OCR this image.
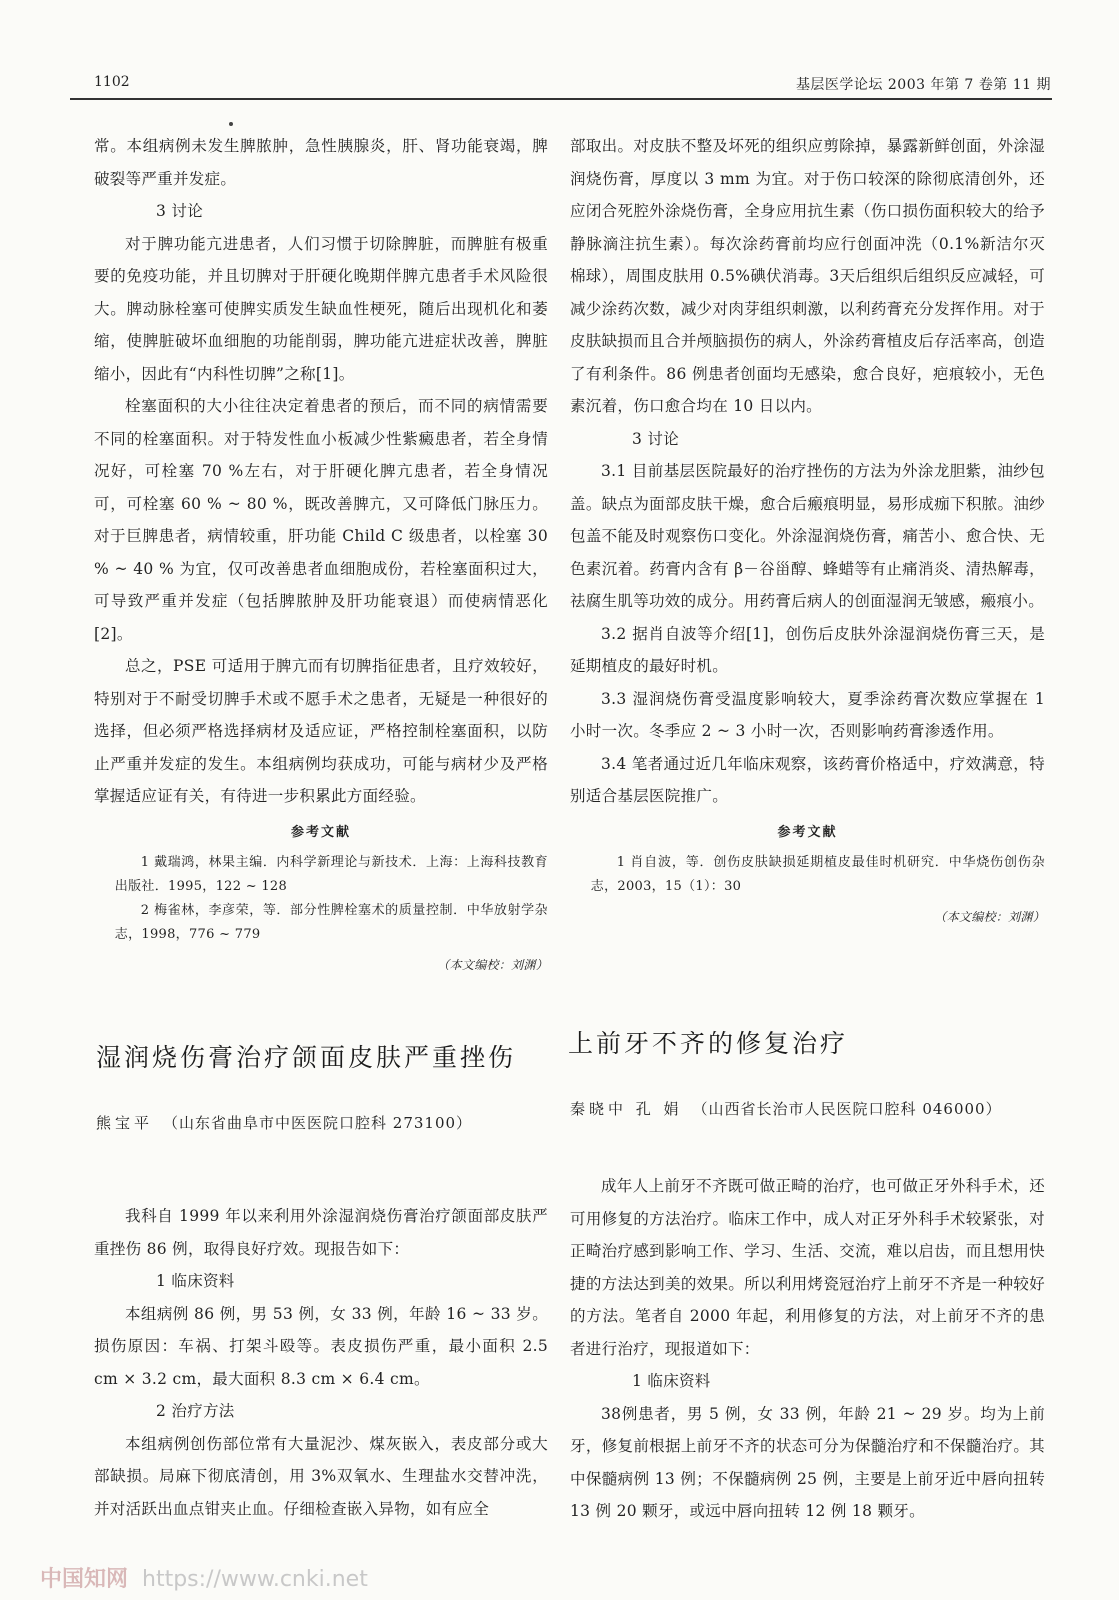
1102	基层医学论坛 2003 年第 7 卷第 11 期

常。本组病例未发生脾脓肿，急性胰腺炎，肝、肾功能衰竭，脾破裂等严重并发症。

3 讨论

对于脾功能亢进患者，人们习惯于切除脾脏，而脾脏有极重要的免疫功能，并且切脾对于肝硬化晚期伴脾亢患者手术风险很大。脾动脉栓塞可使脾实质发生缺血性梗死，随后出现机化和萎缩，使脾脏破坏血细胞的功能削弱，脾功能亢进症状改善，脾脏缩小，因此有“内科性切脾”之称[1]。

栓塞面积的大小往往决定着患者的预后，而不同的病情需要不同的栓塞面积。对于特发性血小板减少性紫癜患者，若全身情况好，可栓塞 70 %左右，对于肝硬化脾亢患者，若全身情况可，可栓塞 60 % ~ 80 %，既改善脾亢，又可降低门脉压力。对于巨脾患者，病情较重，肝功能 Child C 级患者，以栓塞 30 % ~ 40 % 为宜，仅可改善患者血细胞成份，若栓塞面积过大，可导致严重并发症（包括脾脓肿及肝功能衰退）而使病情恶化[2]。

总之，PSE 可适用于脾亢而有切脾指征患者，且疗效较好，特别对于不耐受切脾手术或不愿手术之患者，无疑是一种很好的选择，但必须严格选择病材及适应证，严格控制栓塞面积，以防止严重并发症的发生。本组病例均获成功，可能与病材少及严格掌握适应证有关，有待进一步积累此方面经验。

参考文献

1 戴瑞鸿，林果主编．内科学新理论与新技术．上海：上海科技教育出版社．1995，122 ~ 128

2 梅雀林，李彦荣，等．部分性脾栓塞术的质量控制．中华放射学杂志，1998，776 ~ 779

（本文编校：刘渊）

部取出。对皮肤不整及坏死的组织应剪除掉，暴露新鲜创面，外涂湿润烧伤膏，厚度以 3 mm 为宜。对于伤口较深的除彻底清创外，还应闭合死腔外涂烧伤膏，全身应用抗生素（伤口损伤面积较大的给予静脉滴注抗生素）。每次涂药膏前均应行创面冲洗（0.1%新洁尔灭棉球），周围皮肤用 0.5%碘伏消毒。3天后组织后组织反应减轻，可减少涂药次数，减少对肉芽组织刺激，以利药膏充分发挥作用。对于皮肤缺损而且合并颅脑损伤的病人，外涂药膏植皮后存活率高，创造了有利条件。86 例患者创面均无感染，愈合良好，疤痕较小，无色素沉着，伤口愈合均在 10 日以内。

3 讨论

3.1 目前基层医院最好的治疗挫伤的方法为外涂龙胆紫，油纱包盖。缺点为面部皮肤干燥，愈合后瘢痕明显，易形成痂下积脓。油纱包盖不能及时观察伤口变化。外涂湿润烧伤膏，痛苦小、愈合快、无色素沉着。药膏内含有 β－谷甾醇、蜂蜡等有止痛消炎、清热解毒，祛腐生肌等功效的成分。用药膏后病人的创面湿润无皱感，瘢痕小。

3.2 据肖自波等介绍[1]，创伤后皮肤外涂湿润烧伤膏三天，是延期植皮的最好时机。

3.3 湿润烧伤膏受温度影响较大，夏季涂药膏次数应掌握在 1 小时一次。冬季应 2 ~ 3 小时一次，否则影响药膏渗透作用。

3.4 笔者通过近几年临床观察，该药膏价格适中，疗效满意，特别适合基层医院推广。

参考文献

1 肖自波，等．创伤皮肤缺损延期植皮最佳时机研究．中华烧伤创伤杂志，2003，15（1）：30

（本文编校：刘渊）
湿润烧伤膏治疗颌面皮肤严重挫伤
熊宝平 （山东省曲阜市中医医院口腔科 273100）
上前牙不齐的修复治疗
秦晓中 孔 娟 （山西省长治市人民医院口腔科 046000）

我科自 1999 年以来利用外涂湿润烧伤膏治疗颌面部皮肤严重挫伤 86 例，取得良好疗效。现报告如下：

1 临床资料

本组病例 86 例，男 53 例，女 33 例，年龄 16 ~ 33 岁。损伤原因：车祸、打架斗殴等。表皮损伤严重，最小面积 2.5 cm × 3.2 cm，最大面积 8.3 cm × 6.4 cm。

2 治疗方法

本组病例创伤部位常有大量泥沙、煤灰嵌入，表皮部分或大部缺损。局麻下彻底清创，用 3%双氧水、生理盐水交替冲洗，并对活跃出血点钳夹止血。仔细检查嵌入异物，如有应全

成年人上前牙不齐既可做正畸的治疗，也可做正牙外科手术，还可用修复的方法治疗。临床工作中，成人对正牙外科手术较紧张，对正畸治疗感到影响工作、学习、生活、交流，难以启齿，而且想用快捷的方法达到美的效果。所以利用烤瓷冠治疗上前牙不齐是一种较好的方法。笔者自 2000 年起，利用修复的方法，对上前牙不齐的患者进行治疗，现报道如下：

1 临床资料

38例患者，男 5 例，女 33 例，年龄 21 ~ 29 岁。均为上前牙，修复前根据上前牙不齐的状态可分为保髓治疗和不保髓治疗。其中保髓病例 13 例；不保髓病例 25 例，主要是上前牙近中唇向扭转 13 例 20 颗牙，或远中唇向扭转 12 例 18 颗牙。

中国知网 https://www.cnki.net
